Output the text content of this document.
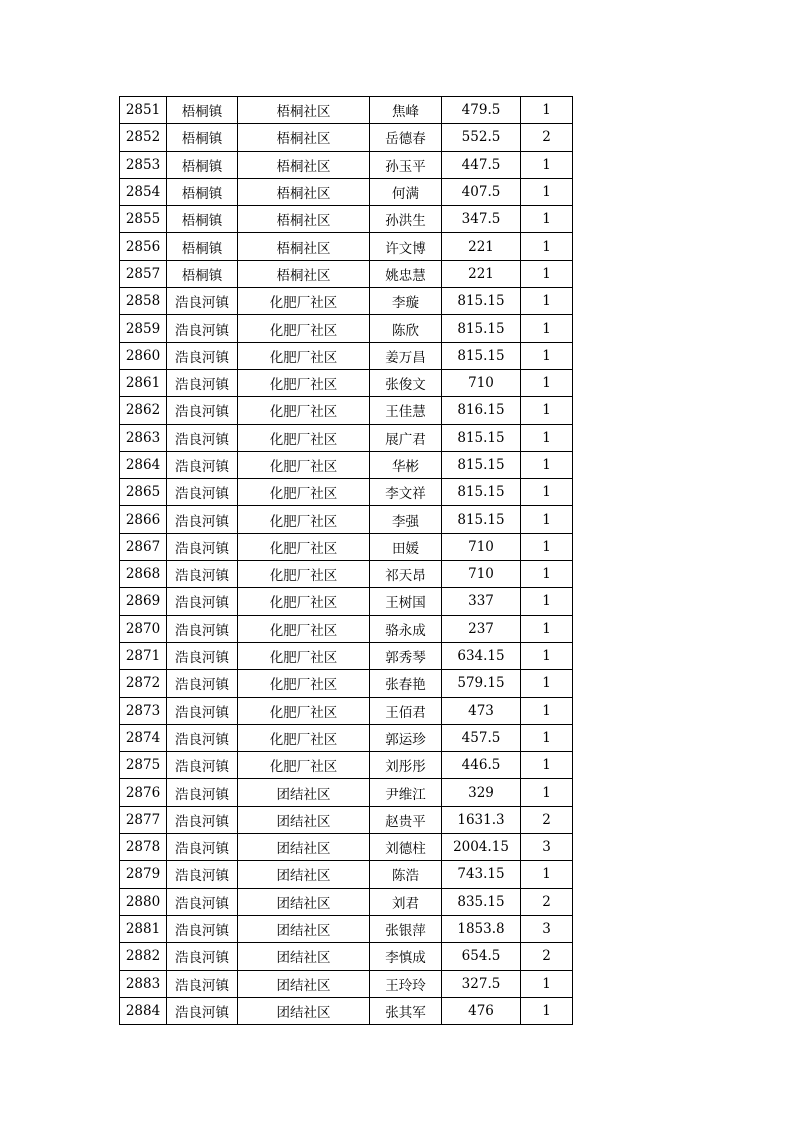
2851	梧桐镇	梧桐社区	焦峰	479.5	1
2852	梧桐镇	梧桐社区	岳德春	552.5	2
2853	梧桐镇	梧桐社区	孙玉平	447.5	1
2854	梧桐镇	梧桐社区	何满	407.5	1
2855	梧桐镇	梧桐社区	孙洪生	347.5	1
2856	梧桐镇	梧桐社区	许文博	221	1
2857	梧桐镇	梧桐社区	姚忠慧	221	1
2858	浩良河镇	化肥厂社区	李璇	815.15	1
2859	浩良河镇	化肥厂社区	陈欣	815.15	1
2860	浩良河镇	化肥厂社区	姜万昌	815.15	1
2861	浩良河镇	化肥厂社区	张俊文	710	1
2862	浩良河镇	化肥厂社区	王佳慧	816.15	1
2863	浩良河镇	化肥厂社区	展广君	815.15	1
2864	浩良河镇	化肥厂社区	华彬	815.15	1
2865	浩良河镇	化肥厂社区	李文祥	815.15	1
2866	浩良河镇	化肥厂社区	李强	815.15	1
2867	浩良河镇	化肥厂社区	田媛	710	1
2868	浩良河镇	化肥厂社区	祁天昂	710	1
2869	浩良河镇	化肥厂社区	王树国	337	1
2870	浩良河镇	化肥厂社区	骆永成	237	1
2871	浩良河镇	化肥厂社区	郭秀琴	634.15	1
2872	浩良河镇	化肥厂社区	张春艳	579.15	1
2873	浩良河镇	化肥厂社区	王佰君	473	1
2874	浩良河镇	化肥厂社区	郭运珍	457.5	1
2875	浩良河镇	化肥厂社区	刘彤彤	446.5	1
2876	浩良河镇	团结社区	尹维江	329	1
2877	浩良河镇	团结社区	赵贵平	1631.3	2
2878	浩良河镇	团结社区	刘德柱	2004.15	3
2879	浩良河镇	团结社区	陈浩	743.15	1
2880	浩良河镇	团结社区	刘君	835.15	2
2881	浩良河镇	团结社区	张银萍	1853.8	3
2882	浩良河镇	团结社区	李慎成	654.5	2
2883	浩良河镇	团结社区	王玲玲	327.5	1
2884	浩良河镇	团结社区	张其军	476	1
